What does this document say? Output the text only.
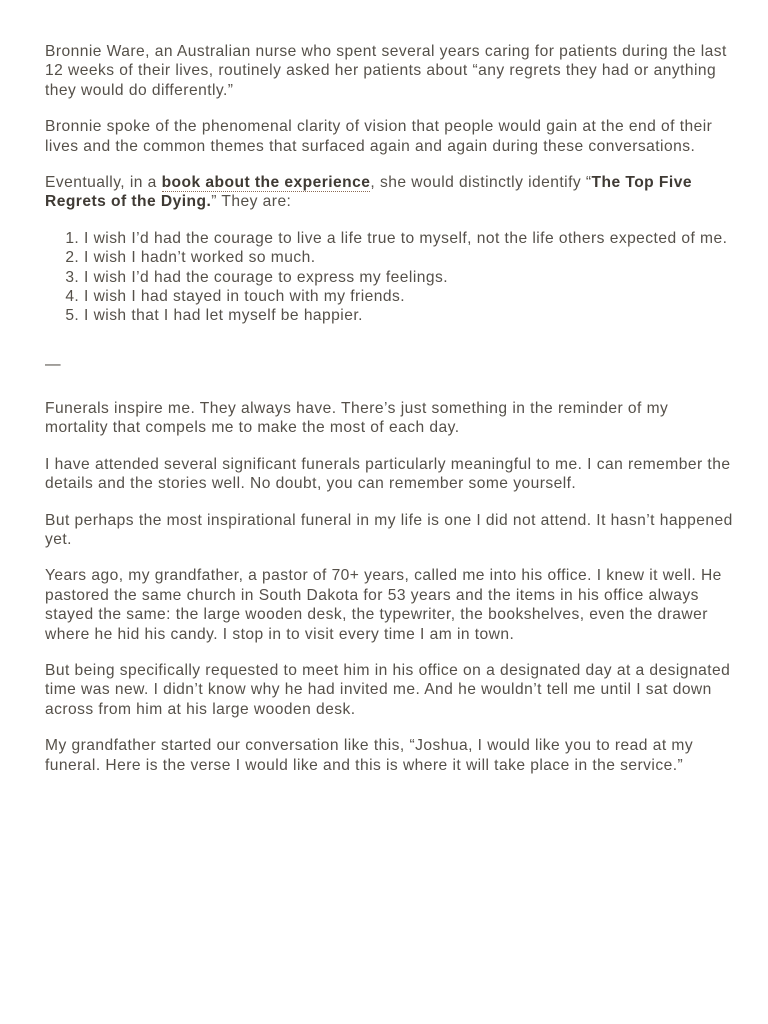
Bronnie Ware, an Australian nurse who spent several years caring for patients during the last 12 weeks of their lives, routinely asked her patients about “any regrets they had or anything they would do differently.”

Bronnie spoke of the phenomenal clarity of vision that people would gain at the end of their lives and the common themes that surfaced again and again during these conversations.

Eventually, in a book about the experience, she would distinctly identify “The Top Five Regrets of the Dying.” They are:

1. I wish I’d had the courage to live a life true to myself, not the life others expected of me.
2. I wish I hadn’t worked so much.
3. I wish I’d had the courage to express my feelings.
4. I wish I had stayed in touch with my friends.
5. I wish that I had let myself be happier.

—

Funerals inspire me. They always have. There’s just something in the reminder of my mortality that compels me to make the most of each day.

I have attended several significant funerals particularly meaningful to me. I can remember the details and the stories well. No doubt, you can remember some yourself.

But perhaps the most inspirational funeral in my life is one I did not attend. It hasn’t happened yet.

Years ago, my grandfather, a pastor of 70+ years, called me into his office. I knew it well. He pastored the same church in South Dakota for 53 years and the items in his office always stayed the same: the large wooden desk, the typewriter, the bookshelves, even the drawer where he hid his candy. I stop in to visit every time I am in town.

But being specifically requested to meet him in his office on a designated day at a designated time was new. I didn’t know why he had invited me. And he wouldn’t tell me until I sat down across from him at his large wooden desk.

My grandfather started our conversation like this, “Joshua, I would like you to read at my funeral. Here is the verse I would like and this is where it will take place in the service.”
